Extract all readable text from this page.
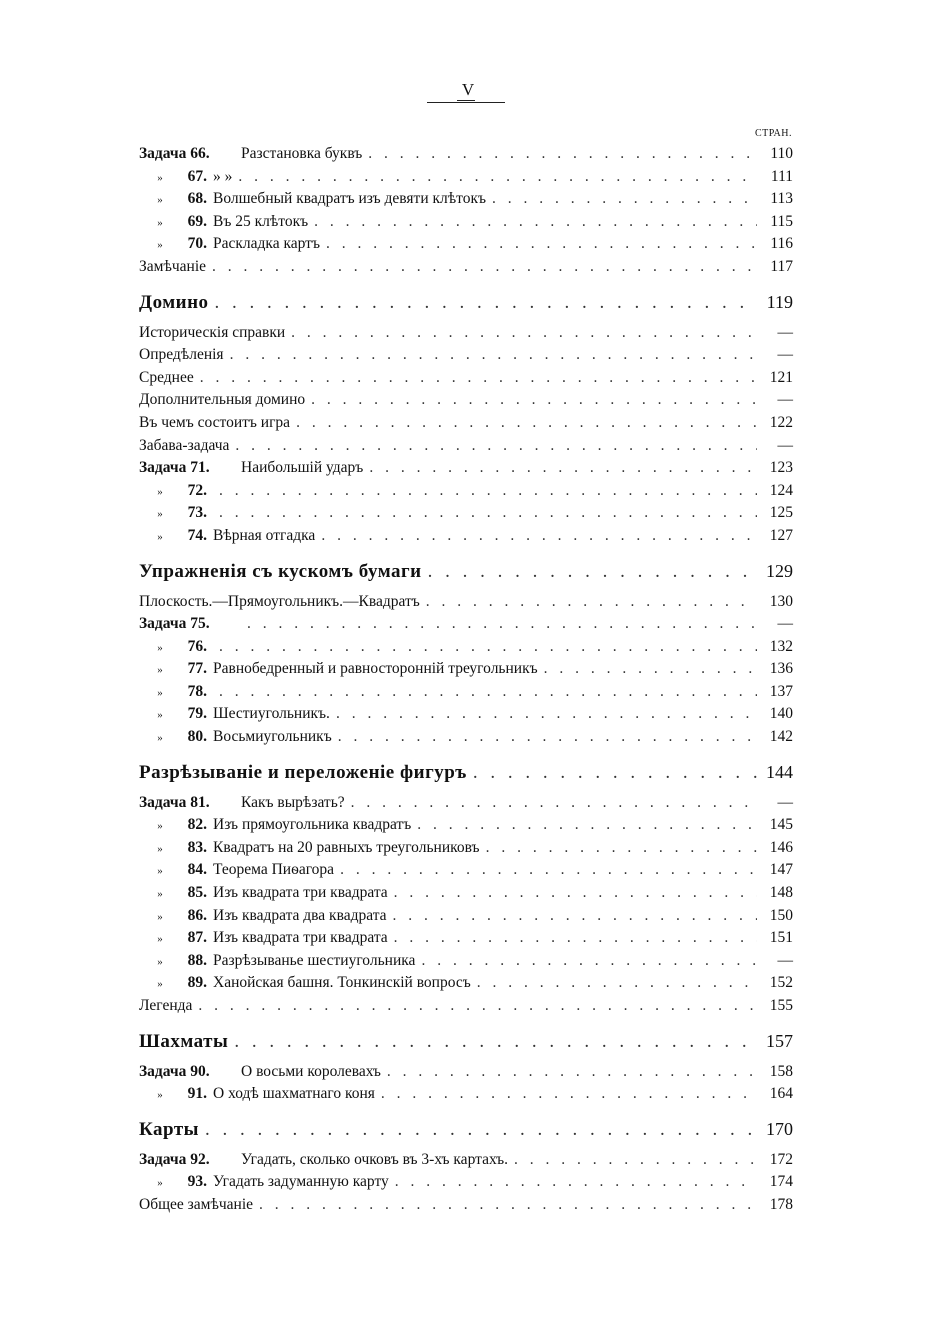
V
СТРАН.
Задача 66. Разстановка буквъ . . .	110
» 67. » » . . .	111
» 68. Волшебный квадратъ изъ девяти клѣтокъ . . .	113
» 69. Въ 25 клѣтокъ . . .	115
» 70. Раскладка картъ . . .	116
Замѣчаніе . . .	117
Домино . . .	119
Историческія справки . . .	—
Опредѣленія . . .	—
Среднее . . .	121
Дополнительныя домино . . .	—
Въ чемъ состоитъ игра . . .	122
Забава-задача . . .	—
Задача 71. Наибольшій ударъ . . .	123
» 72. . . .	124
» 73. . . .	125
» 74. Вѣрная отгадка . . .	127
Упражненія съ кускомъ бумаги . . .	129
Плоскость.—Прямоугольникъ.—Квадратъ . . .	130
Задача 75. . . .	—
» 76. . . .	132
» 77. Равнобедренный и равносторонній треугольникъ . . .	136
» 78. . . .	137
» 79. Шестиугольникъ. . . .	140
» 80. Восьмиугольникъ . . .	142
Разрѣзываніе и переложеніе фигуръ . . .	144
Задача 81. Какъ вырѣзать? . . .	—
» 82. Изъ прямоугольника квадратъ . . .	145
» 83. Квадратъ на 20 равныхъ треугольниковъ . . .	146
» 84. Теорема Пиѳагора . . .	147
» 85. Изъ квадрата три квадрата . . .	148
» 86. Изъ квадрата два квадрата . . .	150
» 87. Изъ квадрата три квадрата . . .	151
» 88. Разрѣзыванье шестиугольника . . .	—
» 89. Ханойская башня. Тонкинскій вопросъ . . .	152
Легенда . . .	155
Шахматы . . .	157
Задача 90. О восьми королевахъ . . .	158
» 91. О ходѣ шахматнаго коня . . .	164
Карты . . .	170
Задача 92. Угадать, сколько очковъ въ 3-хъ картахъ. . . .	172
» 93. Угадать задуманную карту . . .	174
Общее замѣчаніе . . .	178
